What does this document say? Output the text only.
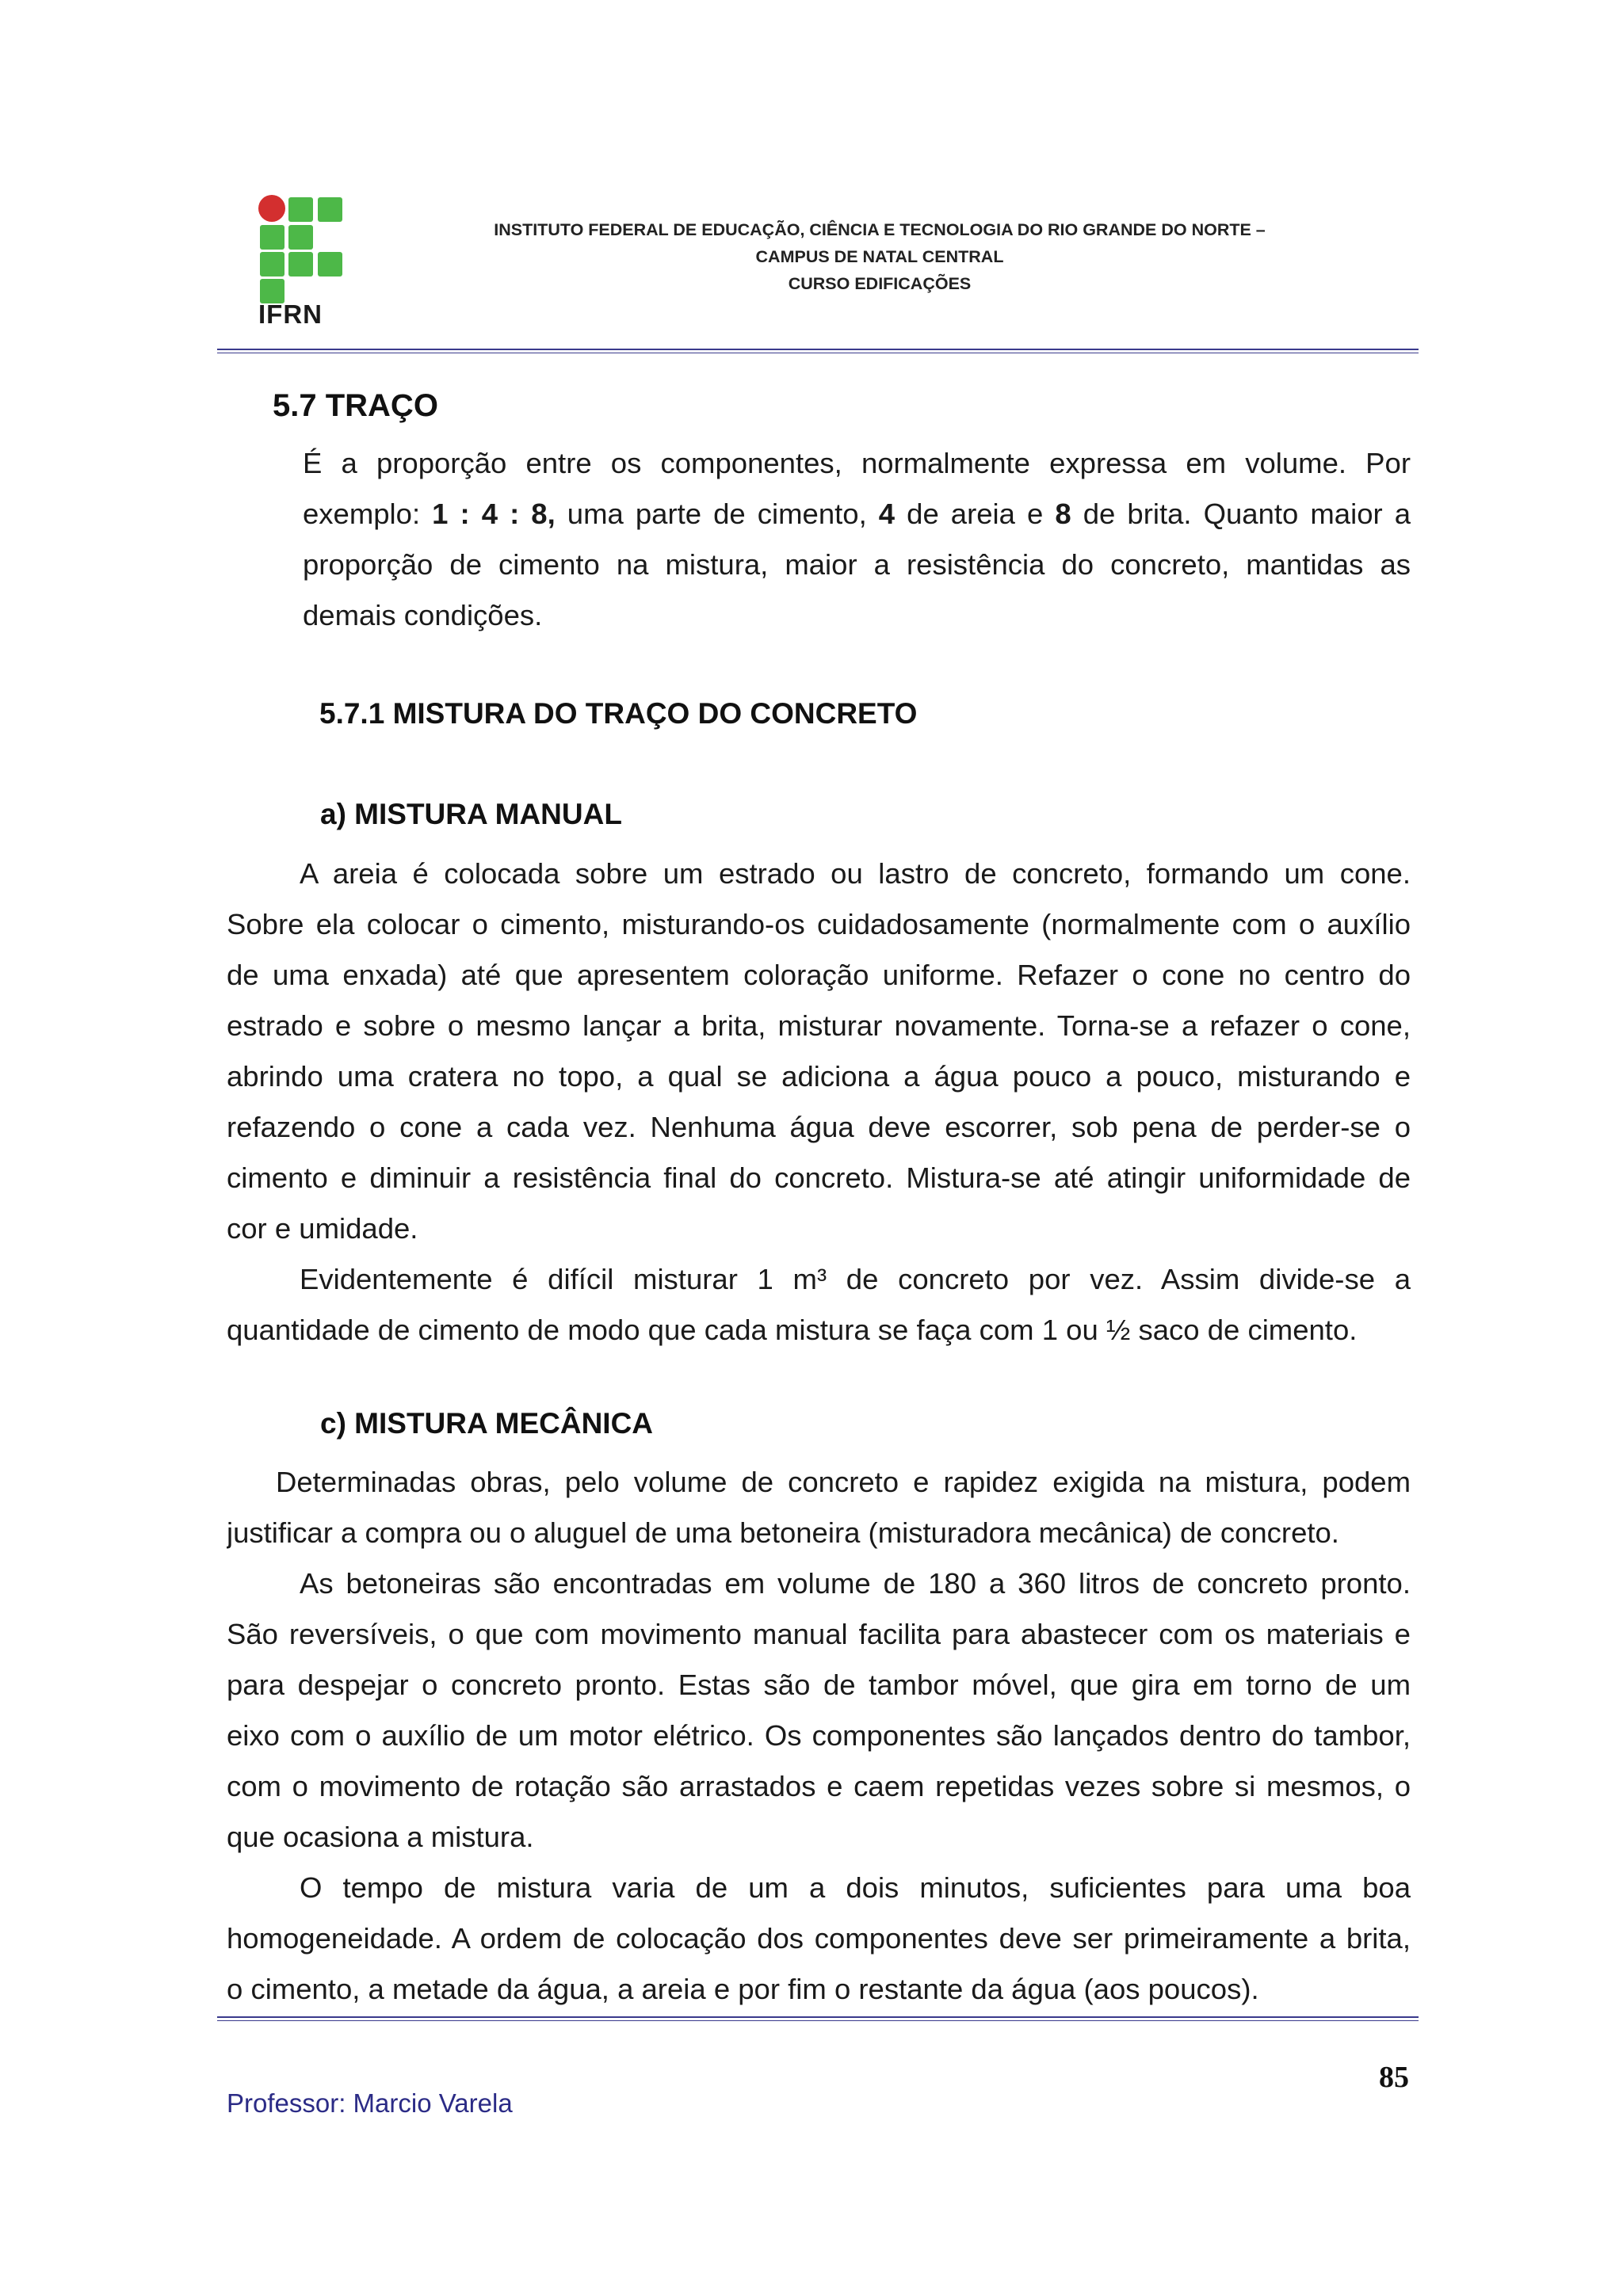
IFRN
INSTITUTO FEDERAL DE EDUCAÇÃO, CIÊNCIA E TECNOLOGIA DO RIO GRANDE DO NORTE –
CAMPUS DE NATAL CENTRAL
CURSO EDIFICAÇÕES
5.7 TRAÇO
É a proporção entre os componentes, normalmente expressa em volume. Por
exemplo: 1 : 4 : 8, uma parte de cimento, 4 de areia e 8 de brita. Quanto maior a
proporção de cimento na mistura, maior a resistência do concreto, mantidas as
demais condições.
5.7.1 MISTURA DO TRAÇO DO CONCRETO
a) MISTURA MANUAL
A areia é colocada sobre um estrado ou lastro de concreto, formando um cone.
Sobre ela colocar o cimento, misturando-os cuidadosamente (normalmente com o auxílio
de uma enxada) até que apresentem coloração uniforme. Refazer o cone no centro do
estrado e sobre o mesmo lançar a brita, misturar novamente. Torna-se a refazer o cone,
abrindo uma cratera no topo, a qual se adiciona a água pouco a pouco, misturando e
refazendo o cone a cada vez. Nenhuma água deve escorrer, sob pena de perder-se o
cimento e diminuir a resistência final do concreto. Mistura-se até atingir uniformidade de
cor e umidade.
Evidentemente é difícil misturar 1 m³ de concreto por vez. Assim divide-se a
quantidade de cimento de modo que cada mistura se faça com 1 ou ½ saco de cimento.
c) MISTURA MECÂNICA
Determinadas obras, pelo volume de concreto e rapidez exigida na mistura, podem
justificar a compra ou o aluguel de uma betoneira (misturadora mecânica) de concreto.
As betoneiras são encontradas em volume de 180 a 360 litros de concreto pronto.
São reversíveis, o que com movimento manual facilita para abastecer com os materiais e
para despejar o concreto pronto. Estas são de tambor móvel, que gira em torno de um
eixo com o auxílio de um motor elétrico. Os componentes são lançados dentro do tambor,
com o movimento de rotação são arrastados e caem repetidas vezes sobre si mesmos, o
que ocasiona a mistura.
O tempo de mistura varia de um a dois minutos, suficientes para uma boa
homogeneidade. A ordem de colocação dos componentes deve ser primeiramente a brita,
o cimento, a metade da água, a areia e por fim o restante da água (aos poucos).
85
Professor: Marcio Varela
